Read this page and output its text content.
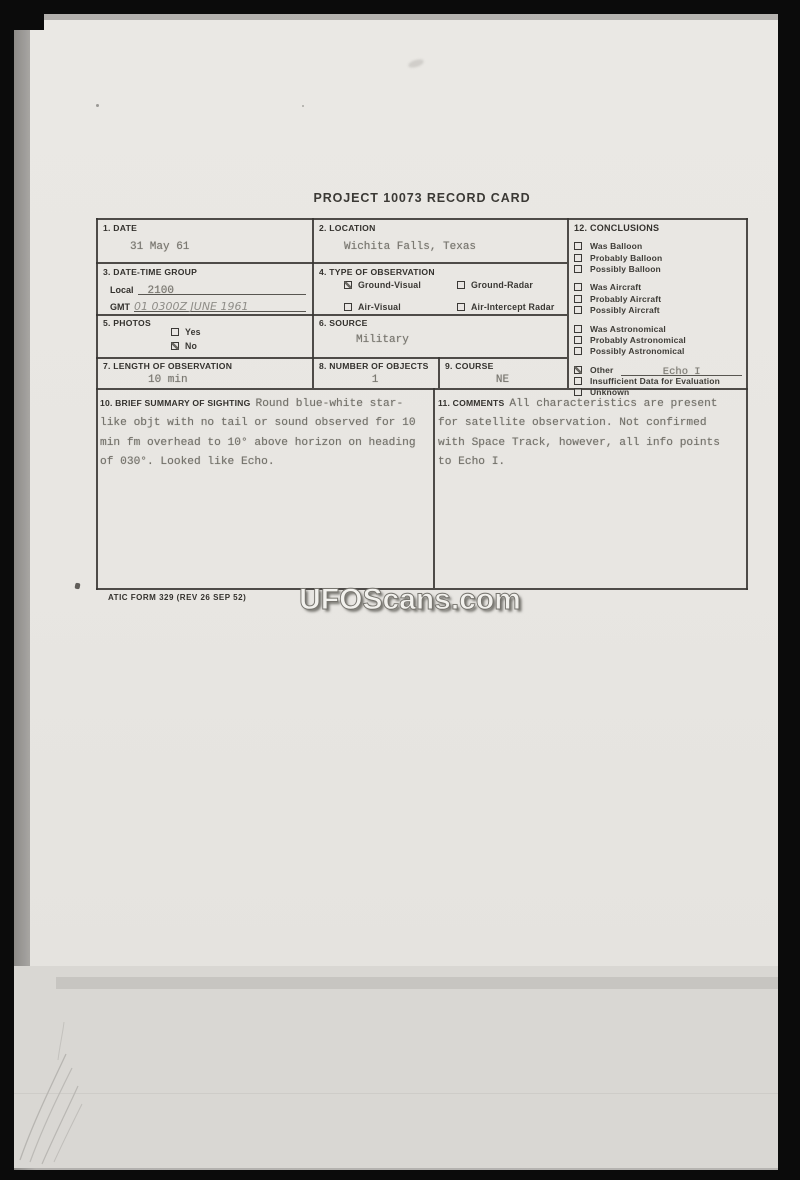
PROJECT 10073 RECORD CARD
1. DATE
31 May 61
2. LOCATION
Wichita Falls, Texas
3. DATE-TIME GROUP
Local	2100
GMT 01 0300Z JUNE 1961
4. TYPE OF OBSERVATION
Ground-Visual	Ground-Radar
Air-Visual	Air-Intercept Radar
5. PHOTOS
Yes
No
6. SOURCE
Military
7. LENGTH OF OBSERVATION
10 min
8. NUMBER OF OBJECTS
1
9. COURSE
NE
10. BRIEF SUMMARY OF SIGHTING Round blue-white star-like objt with no tail or sound observed for 10 min fm overhead to 10° above horizon on heading of 030°. Looked like Echo.
11. COMMENTS All characteristics are present for satellite observation. Not confirmed with Space Track, however, all info points to Echo I.
12. CONCLUSIONS
Was Balloon
Probably Balloon
Possibly Balloon
Was Aircraft
Probably Aircraft
Possibly Aircraft
Was Astronomical
Probably Astronomical
Possibly Astronomical
Other	Echo I
Insufficient Data for Evaluation
Unknown
ATIC FORM 329 (REV 26 SEP 52)	UFOScans.com
